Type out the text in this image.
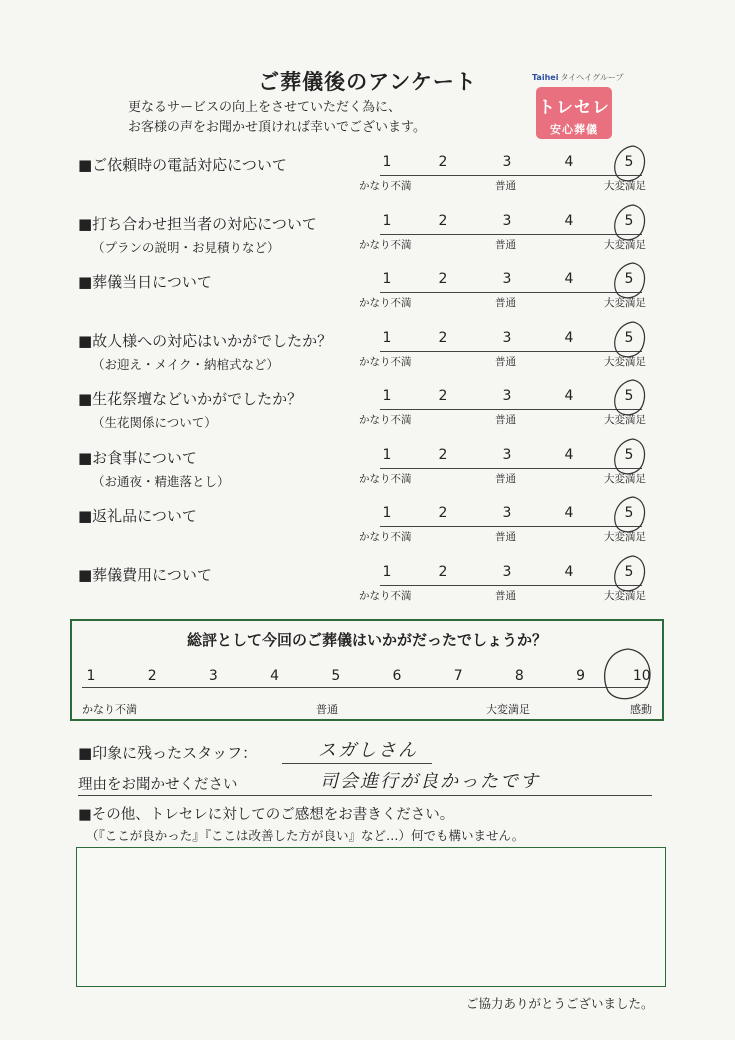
ご葬儀後のアンケート
更なるサービスの向上をさせていただく為に、
お客様の声をお聞かせ頂ければ幸いでございます。
Taihei タイヘイグループ
トレセレ
安心葬儀
■ご依頼時の電話対応について	1	2	3	4	5
かなり不満	普通	大変満足
■打ち合わせ担当者の対応について
（プランの説明・お見積りなど）
1	2	3	4	5
かなり不満	普通	大変満足
■葬儀当日について	1	2	3	4	5
かなり不満	普通	大変満足
■故人様への対応はいかがでしたか？
（お迎え・メイク・納棺式など）
1	2	3	4	5
かなり不満	普通	大変満足
■生花祭壇などいかがでしたか？
（生花関係について）
1	2	3	4	5
かなり不満	普通	大変満足
■お食事について
（お通夜・精進落とし）
1	2	3	4	5
かなり不満	普通	大変満足
■返礼品について	1	2	3	4	5
かなり不満	普通	大変満足
■葬儀費用について	1	2	3	4	5
かなり不満	普通	大変満足
総評として今回のご葬儀はいかがだったでしょうか？
1	2	3	4	5	6	7	8	9	10
かなり不満	普通	大変満足	感動
■印象に残ったスタッフ：	スガしさん
理由をお聞かせください	司会進行が良かったです
■その他、トレセレに対してのご感想をお書きください。
（『ここが良かった』『ここは改善した方が良い』など…）何でも構いません。
ご協力ありがとうございました。
